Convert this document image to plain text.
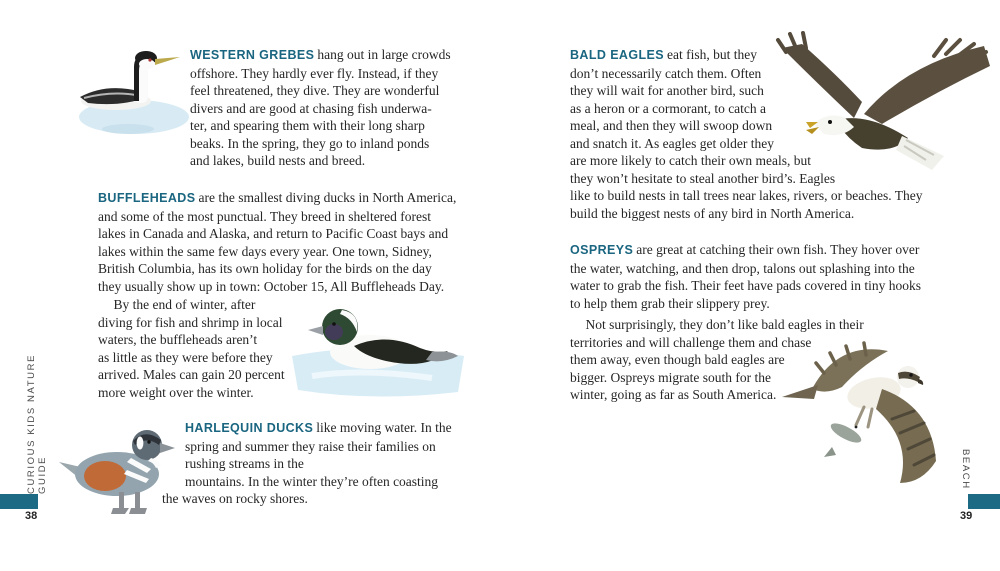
CURIOUS KIDS NATURE GUIDE
38
BEACH
39
WESTERN GREBES hang out in large crowds
offshore. They hardly ever fly. Instead, if they
feel threatened, they dive. They are wonderful
divers and are good at chasing fish underwa-
ter, and spearing them with their long sharp
beaks. In the spring, they go to inland ponds
and lakes, build nests and breed.
BUFFLEHEADS are the smallest diving ducks in North America,
and some of the most punctual. They breed in sheltered forest
lakes in Canada and Alaska, and return to Pacific Coast bays and
lakes within the same few days every year. One town, Sidney,
British Columbia, has its own holiday for the birds on the day
they usually show up in town: October 15, All Buffleheads Day.
By the end of winter, after
diving for fish and shrimp in local
waters, the buffleheads aren’t
as little as they were before they
arrived. Males can gain 20 percent
more weight over the winter.
HARLEQUIN DUCKS like moving water. In the
spring and summer they raise their families on
rushing streams in the
mountains. In the winter they’re often coasting
the waves on rocky shores.
BALD EAGLES eat fish, but they
don’t necessarily catch them. Often
they will wait for another bird, such
as a heron or a cormorant, to catch a
meal, and then they will swoop down
and snatch it. As eagles get older they
are more likely to catch their own meals, but
they won’t hesitate to steal another bird’s. Eagles
like to build nests in tall trees near lakes, rivers, or beaches. They
build the biggest nests of any bird in North America.
OSPREYS are great at catching their own fish. They hover over
the water, watching, and then drop, talons out splashing into the
water to grab the fish. Their feet have pads covered in tiny hooks
to help them grab their slippery prey.
Not surprisingly, they don’t like bald eagles in their
territories and will challenge them and chase
them away, even though bald eagles are
bigger. Ospreys migrate south for the
winter, going as far as South America.
